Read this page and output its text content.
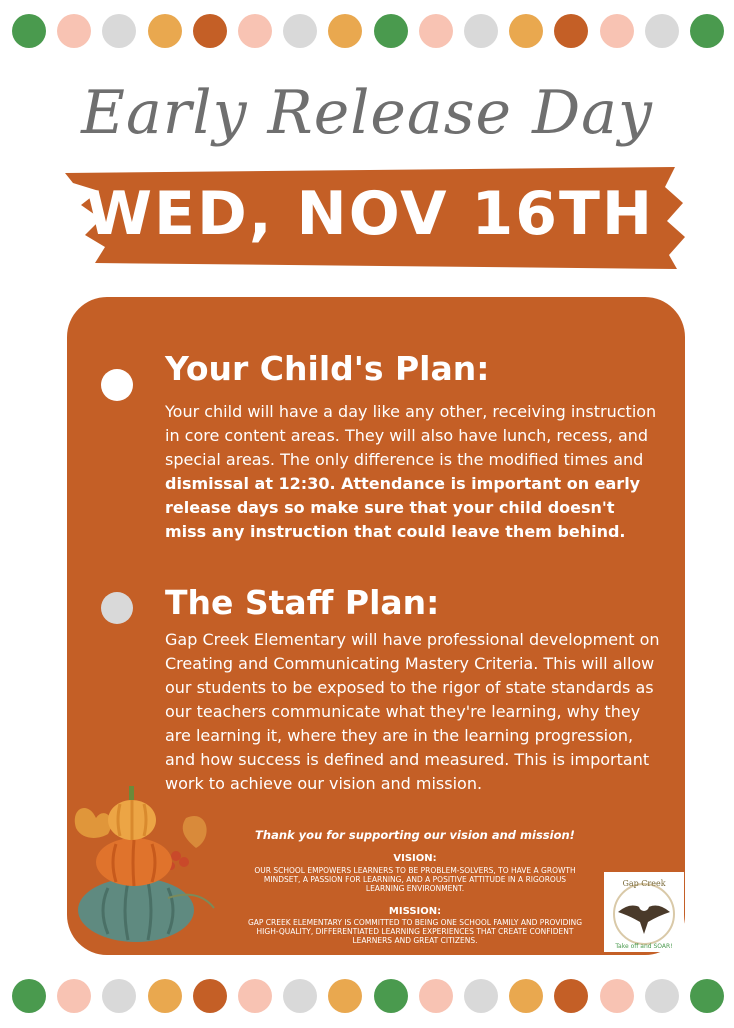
Early Release Day
WED, NOV 16TH
Your Child's Plan:
Your child will have a day like any other, receiving instruction in core content areas. They will also have lunch, recess, and special areas. The only difference is the modified times and dismissal at 12:30. Attendance is important on early release days so make sure that your child doesn't miss any instruction that could leave them behind.
The Staff Plan:
Gap Creek Elementary will have professional development on Creating and Communicating Mastery Criteria. This will allow our students to be exposed to the rigor of state standards as our teachers communicate what they're learning, why they are learning it, where they are in the learning progression, and how success is defined and measured. This is important work to achieve our vision and mission.
Thank you for supporting our vision and mission!
VISION:
OUR SCHOOL EMPOWERS LEARNERS TO BE PROBLEM-SOLVERS, TO HAVE A GROWTH MINDSET, A PASSION FOR LEARNING, AND A POSITIVE ATTITUDE IN A RIGOROUS LEARNING ENVIRONMENT.
MISSION:
GAP CREEK ELEMENTARY IS COMMITTED TO BEING ONE SCHOOL FAMILY AND PROVIDING HIGH-QUALITY, DIFFERENTIATED LEARNING EXPERIENCES THAT CREATE CONFIDENT LEARNERS AND GREAT CITIZENS.
Gap Creek
Take off and SOAR!
